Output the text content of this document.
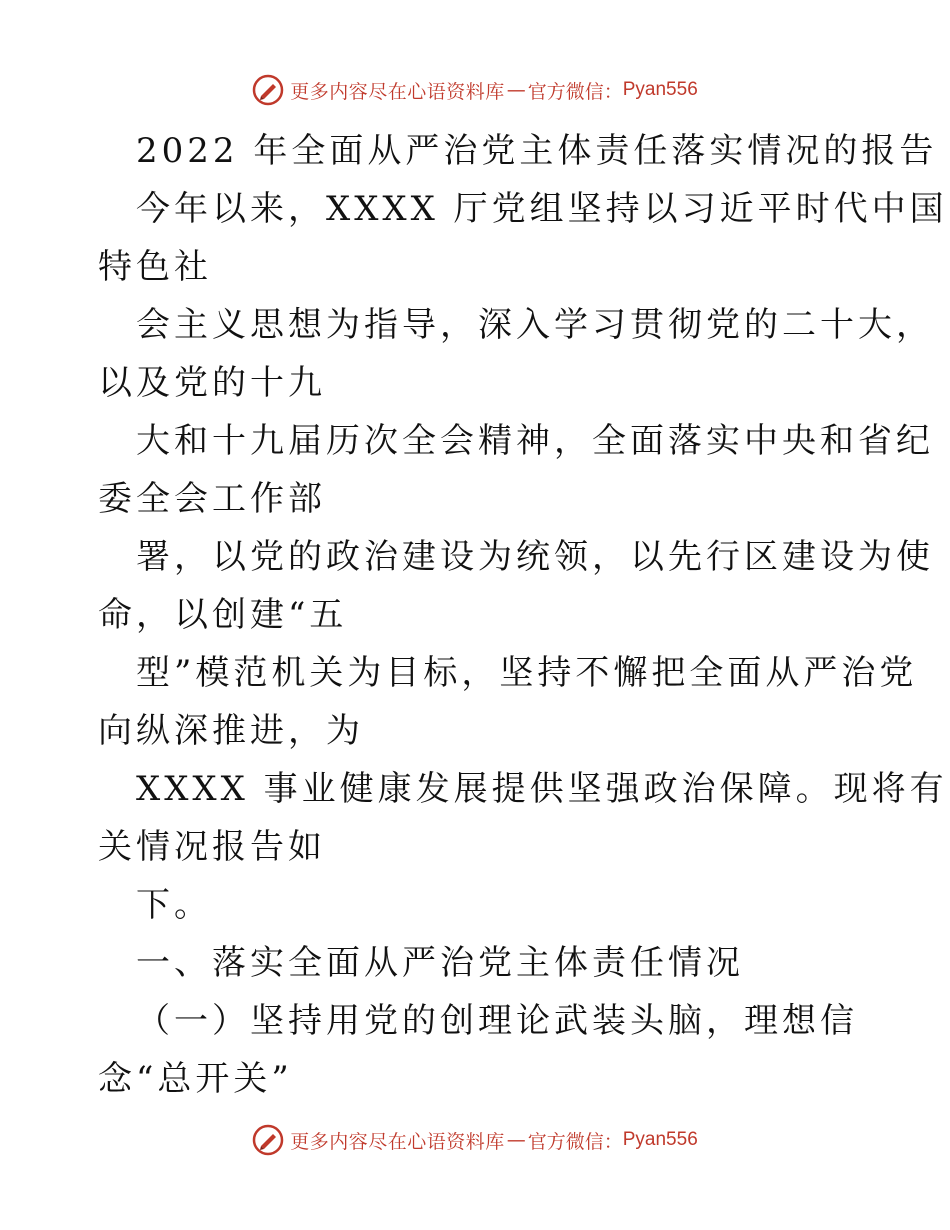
更多内容尽在心语资料库 — 官方微信： Pyan556
2022 年全面从严治党主体责任落实情况的报告
今年以来，XXXX 厅党组坚持以习近平时代中国
特色社
会主义思想为指导，深入学习贯彻党的二十大，
以及党的十九
大和十九届历次全会精神，全面落实中央和省纪
委全会工作部
署，以党的政治建设为统领，以先行区建设为使
命，以创建“五
型”模范机关为目标，坚持不懈把全面从严治党
向纵深推进，为
XXXX 事业健康发展提供坚强政治保障。现将有
关情况报告如
下。
一、落实全面从严治党主体责任情况
（一）坚持用党的创理论武装头脑，理想信
念“总开关”
更多内容尽在心语资料库 — 官方微信： Pyan556
